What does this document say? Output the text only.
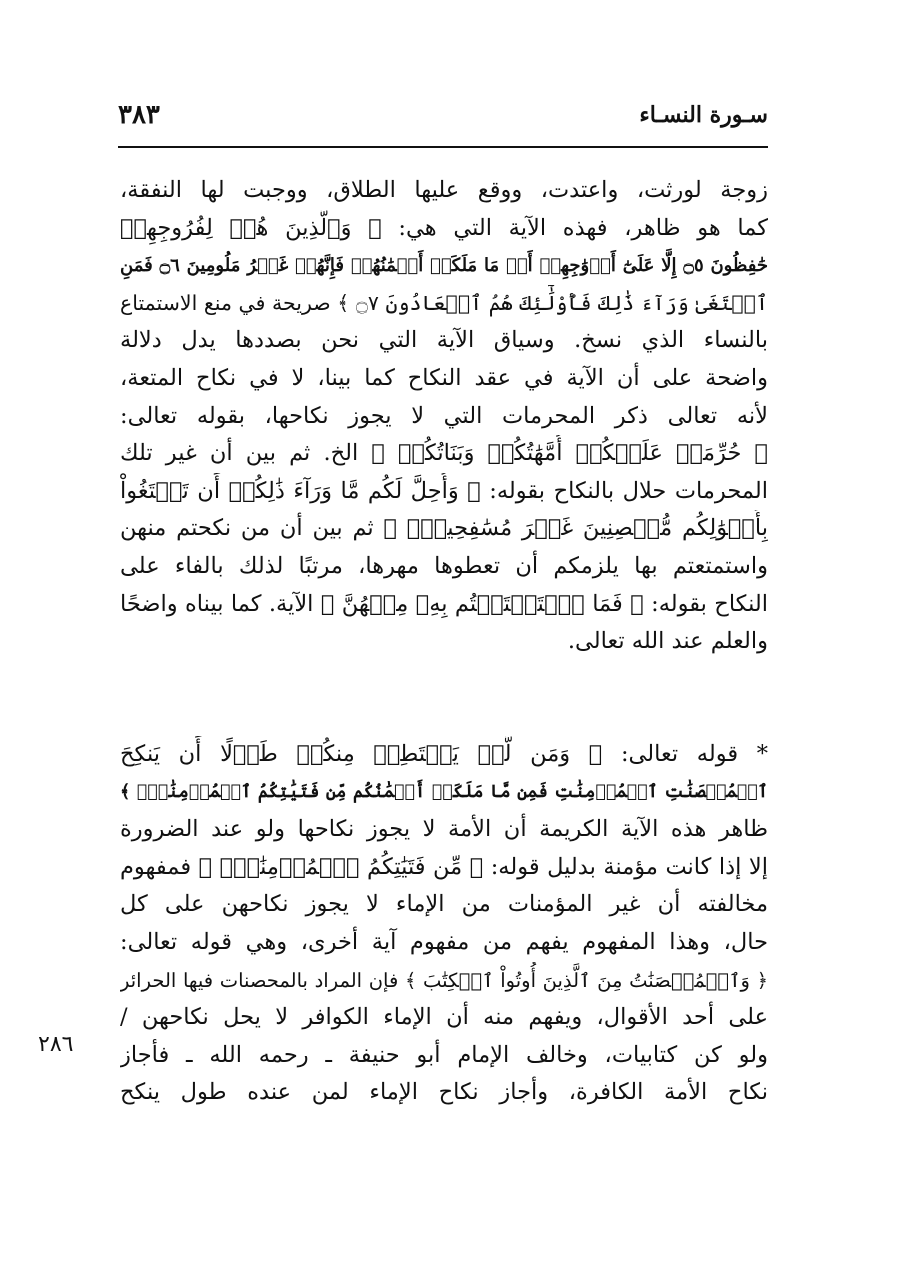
٣٨٣	سـورة النسـاء
زوجة لورثت، واعتدت، ووقع عليها الطلاق، ووجبت لها النفقة،
كما هو ظاهر، فهذه الآية التي هي: ﴿ وَٱلَّذِينَ هُمۡ لِفُرُوجِهِمۡ
حَٰفِظُونَ ۝٥ إِلَّا عَلَىٰٓ أَزۡوَٰجِهِمۡ أَوۡ مَا مَلَكَتۡ أَيۡمَٰنُهُمۡ فَإِنَّهُمۡ غَيۡرُ مَلُومِينَ ۝٦ فَمَنِ
ٱبۡتَغَىٰ وَرَآءَ ذَٰلِكَ فَأُوْلَٰٓئِكَ هُمُ ٱلۡعَادُونَ ۝٧ ﴾ صريحة في منع الاستمتاع
بالنساء الذي نسخ. وسياق الآية التي نحن بصددها يدل دلالة
واضحة على أن الآية في عقد النكاح كما بينا، لا في نكاح المتعة،
لأنه تعالى ذكر المحرمات التي لا يجوز نكاحها، بقوله تعالى:
﴿ حُرِّمَتۡ عَلَيۡكُمۡ أُمَّهَٰتُكُمۡ وَبَنَاتُكُمۡ ﴾ الخ. ثم بين أن غير تلك
المحرمات حلال بالنكاح بقوله: ﴿ وَأُحِلَّ لَكُم مَّا وَرَآءَ ذَٰلِكُمۡ أَن تَبۡتَغُواْ
بِأَمۡوَٰلِكُم مُّحۡصِنِينَ غَيۡرَ مُسَٰفِحِينَۚ ﴾ ثم بين أن من نكحتم منهن
واستمتعتم بها يلزمكم أن تعطوها مهرها، مرتبًا لذلك بالفاء على
النكاح بقوله: ﴿ فَمَا ٱسۡتَمۡتَعۡتُم بِهِۦ مِنۡهُنَّ ﴾ الآية. كما بيناه واضحًا
والعلم عند الله تعالى.
* قوله تعالى: ﴿ وَمَن لَّمۡ يَسۡتَطِعۡ مِنكُمۡ طَوۡلًا أَن يَنكِحَ
ٱلۡمُحۡصَنَٰتِ ٱلۡمُؤۡمِنَٰتِ فَمِن مَّا مَلَكَتۡ أَيۡمَٰنُكُم مِّن فَتَيَٰتِكُمُ ٱلۡمُؤۡمِنَٰتِۚ ﴾
ظاهر هذه الآية الكريمة أن الأمة لا يجوز نكاحها ولو عند الضرورة
إلا إذا كانت مؤمنة بدليل قوله: ﴿ مِّن فَتَيَٰتِكُمُ ٱلۡمُؤۡمِنَٰتِۚ ﴾ فمفهوم
مخالفته أن غير المؤمنات من الإماء لا يجوز نكاحهن على كل
حال، وهذا المفهوم يفهم من مفهوم آية أخرى، وهي قوله تعالى:
﴿ وَٱلۡمُحۡصَنَٰتُ مِنَ ٱلَّذِينَ أُوتُواْ ٱلۡكِتَٰبَ ﴾ فإن المراد بالمحصنات فيها الحرائر
على أحد الأقوال، ويفهم منه أن الإماء الكوافر لا يحل نكاحهن /
ولو كن كتابيات، وخالف الإمام أبو حنيفة ـ رحمه الله ـ فأجاز
نكاح الأمة الكافرة، وأجاز نكاح الإماء لمن عنده طول ينكح
٢٨٦
